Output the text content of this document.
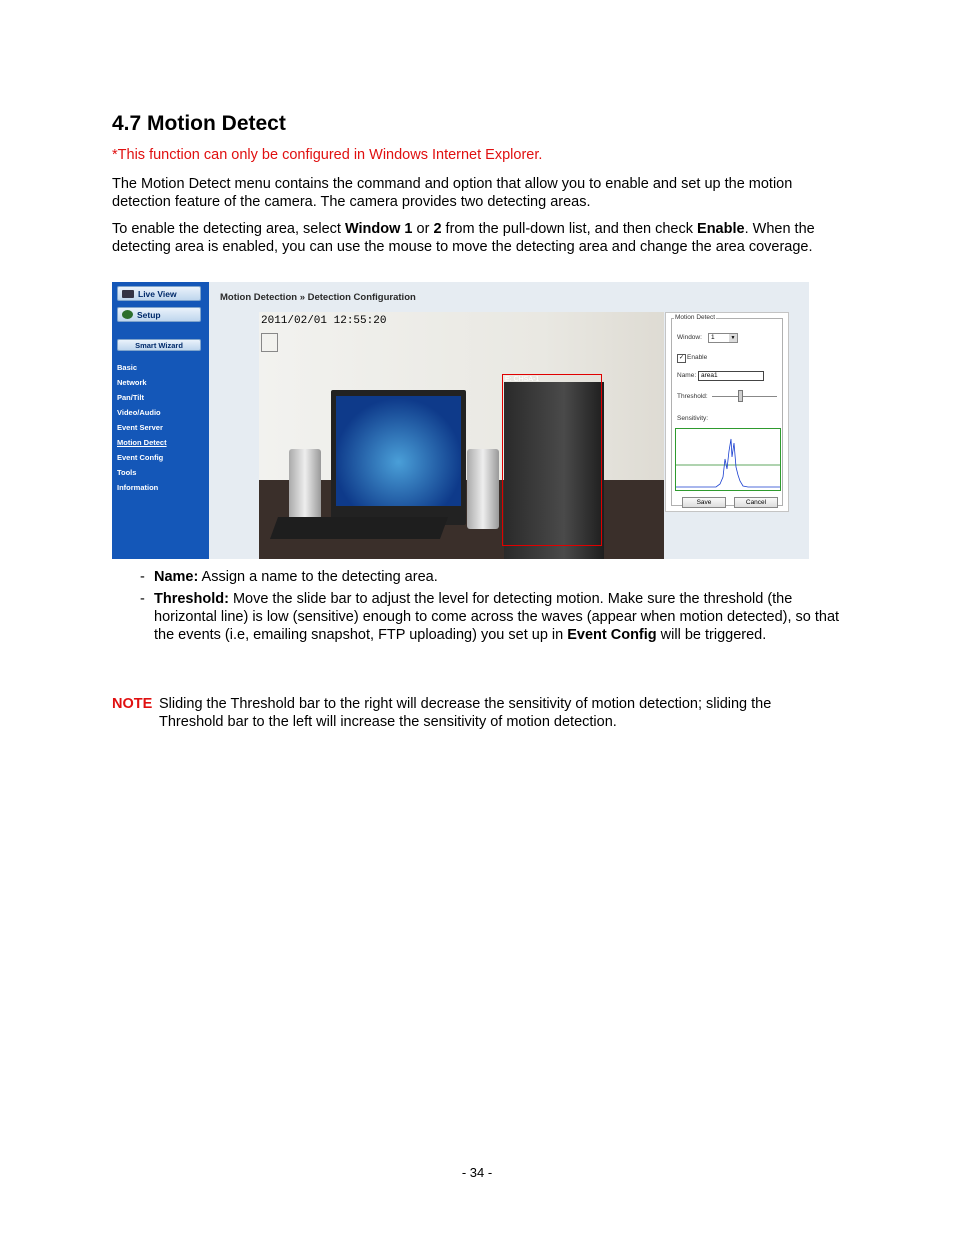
4.7 Motion Detect
*This function can only be configured in Windows Internet Explorer.

The Motion Detect menu contains the command and option that allow you to enable and set up the motion detection feature of the camera. The camera provides two detecting areas.

To enable the detecting area, select Window 1 or 2 from the pull-down list, and then check Enable. When the detecting area is enabled, you can use the mouse to move the detecting area and change the area coverage.

Live View
Setup
Smart Wizard
Basic
Network
Pan/Tilt
Video/Audio
Event Server
Motion Detect
Event Config
Tools
Information
Motion Detection » Detection Configuration
2011/02/01 12:55:20
E: CHSA-1
Motion Detect
Window:	1	▼
✓ Enable
Name: area1
Threshold:
Sensitivity:
Save	Cancel
- Name: Assign a name to the detecting area.
- Threshold: Move the slide bar to adjust the level for detecting motion. Make sure the threshold (the horizontal line) is low (sensitive) enough to come across the waves (appear when motion detected), so that the events (i.e, emailing snapshot, FTP uploading) you set up in Event Config will be triggered.
NOTE Sliding the Threshold bar to the right will decrease the sensitivity of motion detection; sliding the Threshold bar to the left will increase the sensitivity of motion detection.
- 34 -
